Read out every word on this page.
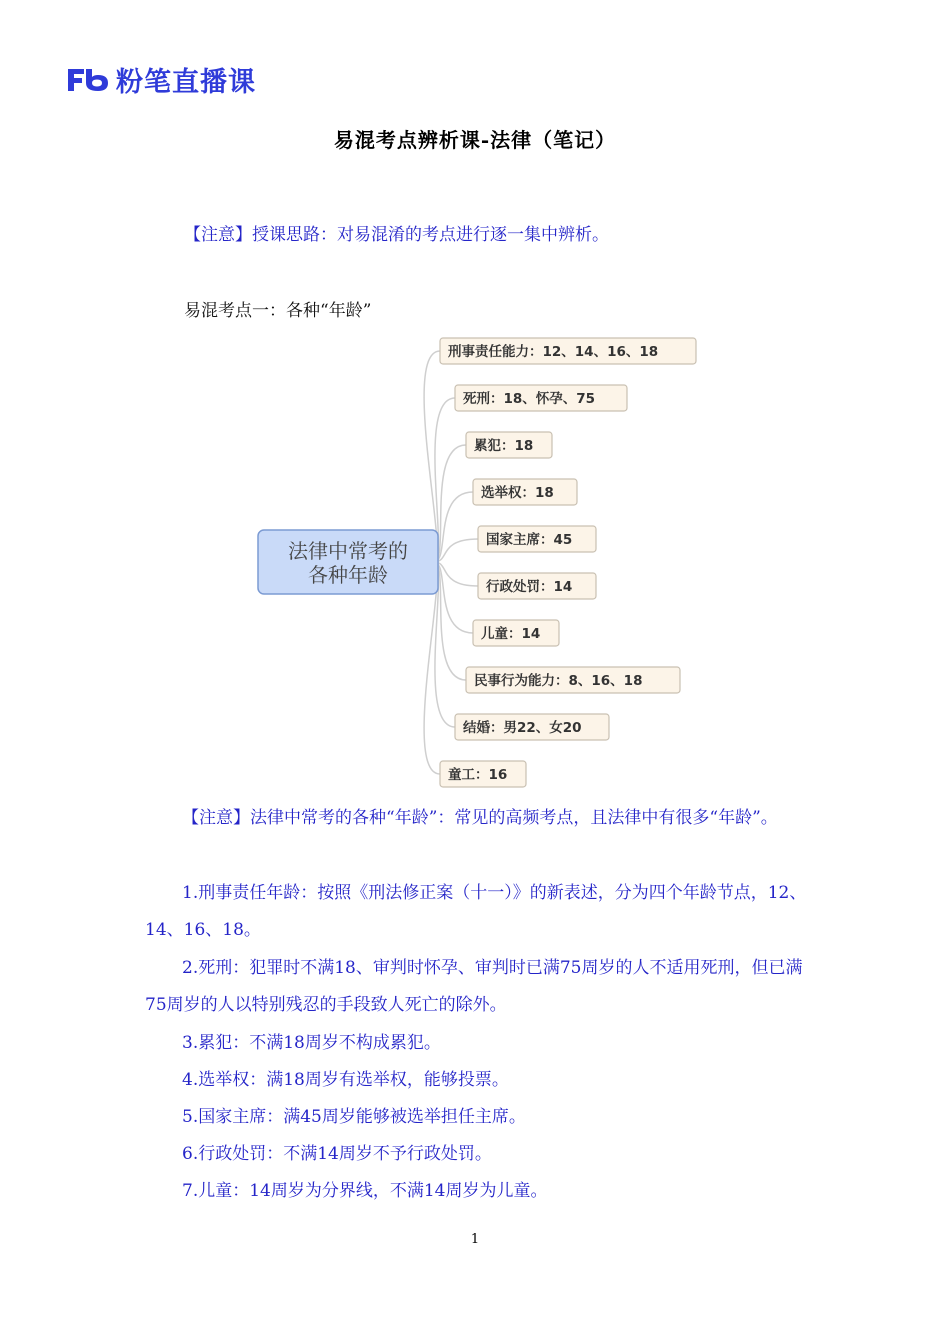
粉笔直播课
易混考点辨析课-法律（笔记）
【注意】授课思路：对易混淆的考点进行逐一集中辨析。
易混考点一：各种“年龄”
法律中常考的
各种年龄
刑事责任能力：12、14、16、18
死刑：18、怀孕、75
累犯：18
选举权：18
国家主席：45
行政处罚：14
儿童：14
民事行为能力：8、16、18
结婚：男22、女20
童工：16

【注意】法律中常考的各种“年龄”：常见的高频考点，且法律中有很多“年龄”。

1.刑事责任年龄：按照《刑法修正案（十一）》的新表述，分为四个年龄节点，12、14、16、18。

2.死刑：犯罪时不满18、审判时怀孕、审判时已满75周岁的人不适用死刑，但已满75周岁的人以特别残忍的手段致人死亡的除外。

3.累犯：不满18周岁不构成累犯。

4.选举权：满18周岁有选举权，能够投票。

5.国家主席：满45周岁能够被选举担任主席。

6.行政处罚：不满14周岁不予行政处罚。

7.儿童：14周岁为分界线，不满14周岁为儿童。

1
